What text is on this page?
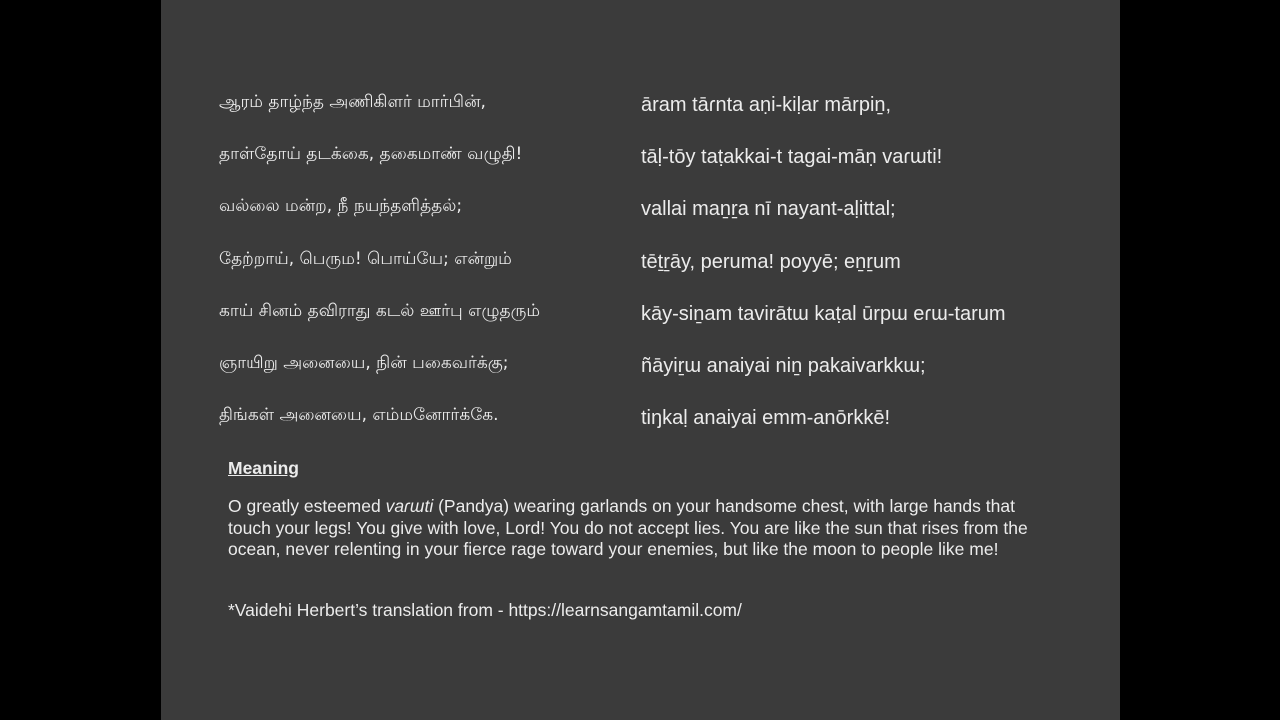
ஆரம் தாழ்ந்த அணிகிளர் மார்பின்,	āram tāɾnta aṇi-kiḷar mārpiṉ,
தாள்தோய் தடக்கை, தகைமாண் வழுதி!	tāḷ-tōy taṭakkai-t tagai-māṇ vaɾɯti!
வல்லை மன்ற, நீ நயந்தளித்தல்;	vallai maṉṟa nī nayant-aḷittal;
தேற்றாய், பெரும! பொய்யே; என்றும்	tēṯṟāy, peruma! poyyē; eṉṟum
காய் சினம் தவிராது கடல் ஊர்பு எழுதரும்	kāy-siṉam tavirātɯ kaṭal ūrpɯ eɾɯ-tarum
ஞாயிறு அனையை, நின் பகைவர்க்கு;	ñāyiṟɯ anaiyai niṉ pakaivarkkɯ;
திங்கள் அனையை, எம்மனோர்க்கே.	tiŋkaḷ anaiyai emm-anōrkkē!
Meaning

O greatly esteemed vaɾɯti (Pandya) wearing garlands on your handsome chest, with large hands that touch your legs! You give with love, Lord! You do not accept lies. You are like the sun that rises from the ocean, never relenting in your fierce rage toward your enemies, but like the moon to people like me!

*Vaidehi Herbert’s translation from - https://learnsangamtamil.com/
